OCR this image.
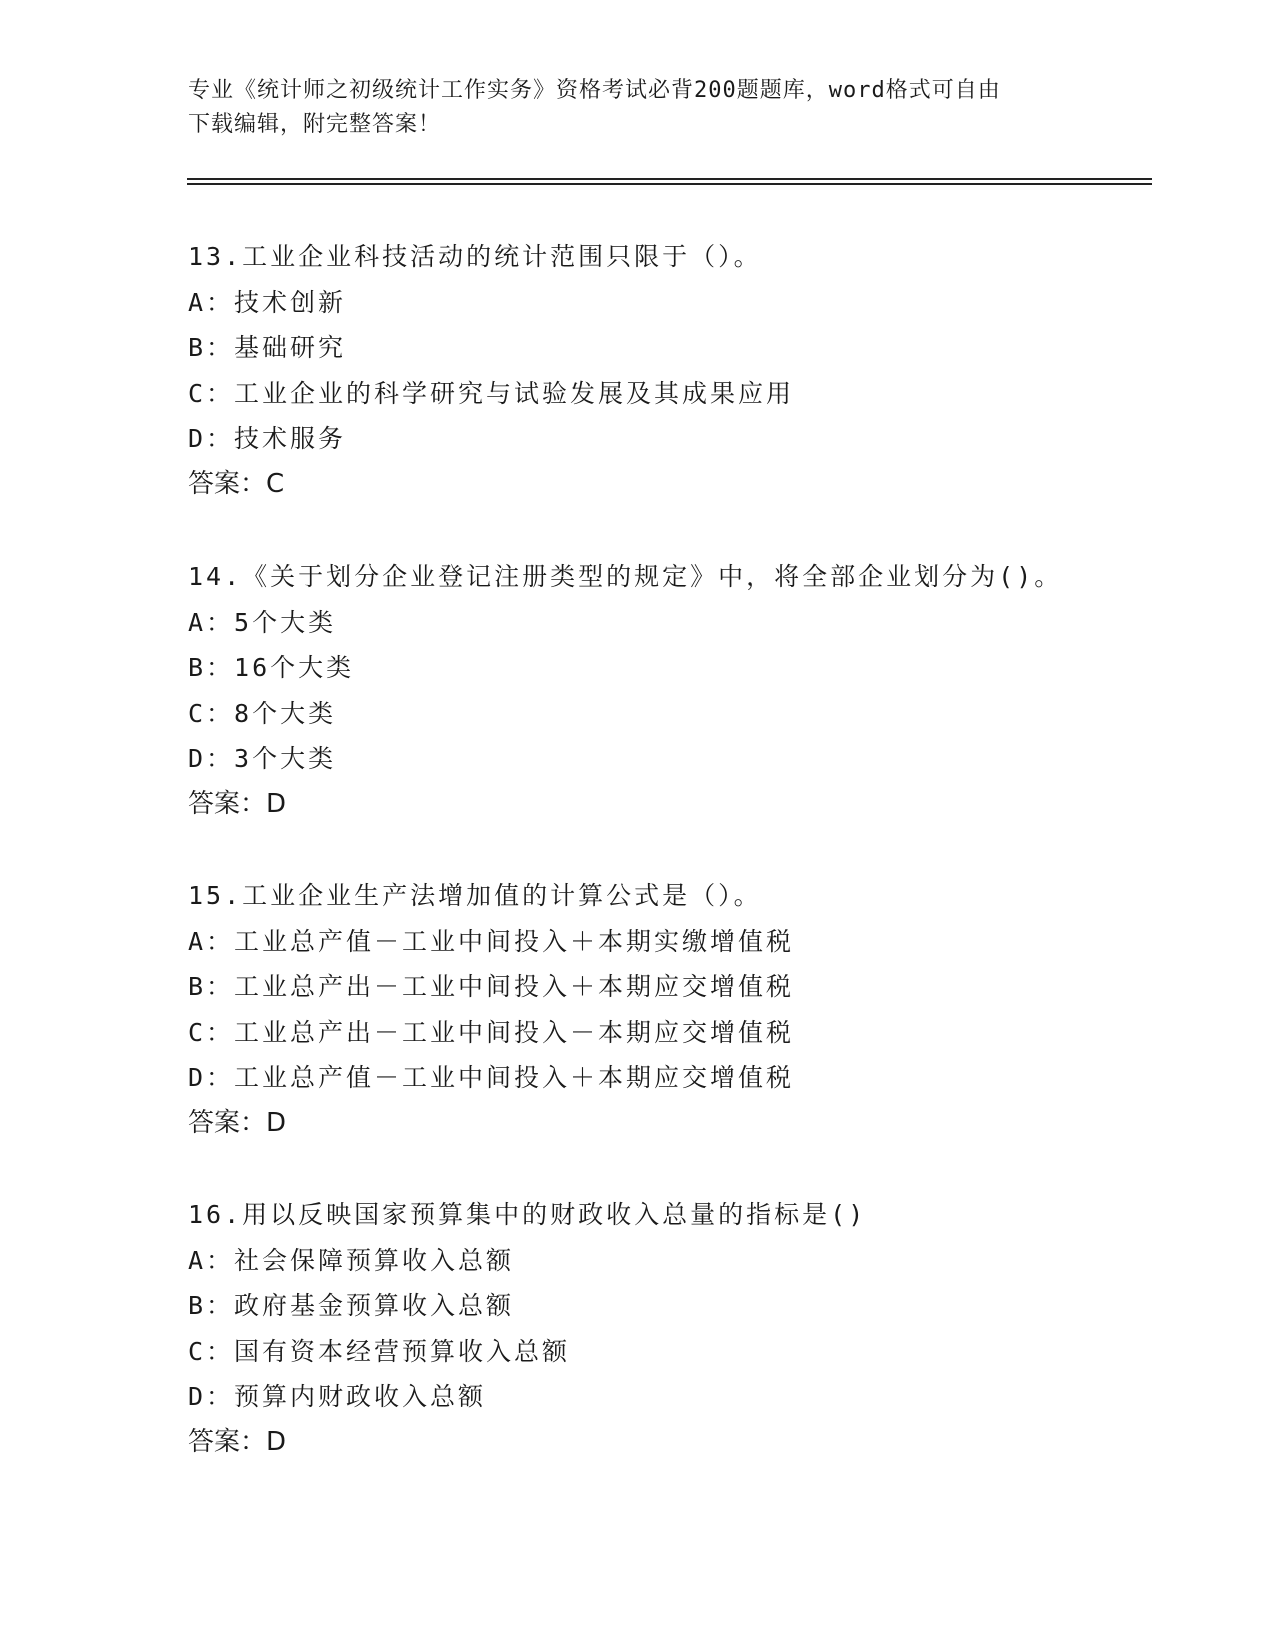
专业《统计师之初级统计工作实务》资格考试必背200题题库，word格式可自由
下载编辑，附完整答案！
13.工业企业科技活动的统计范围只限于（）。
A：技术创新
B：基础研究
C：工业企业的科学研究与试验发展及其成果应用
D：技术服务
答案：C
14.《关于划分企业登记注册类型的规定》中，将全部企业划分为()。
A：5个大类
B：16个大类
C：8个大类
D：3个大类
答案：D
15.工业企业生产法增加值的计算公式是（）。
A：工业总产值－工业中间投入＋本期实缴增值税
B：工业总产出－工业中间投入＋本期应交增值税
C：工业总产出－工业中间投入－本期应交增值税
D：工业总产值－工业中间投入＋本期应交增值税
答案：D
16.用以反映国家预算集中的财政收入总量的指标是()
A：社会保障预算收入总额
B：政府基金预算收入总额
C：国有资本经营预算收入总额
D：预算内财政收入总额
答案：D
